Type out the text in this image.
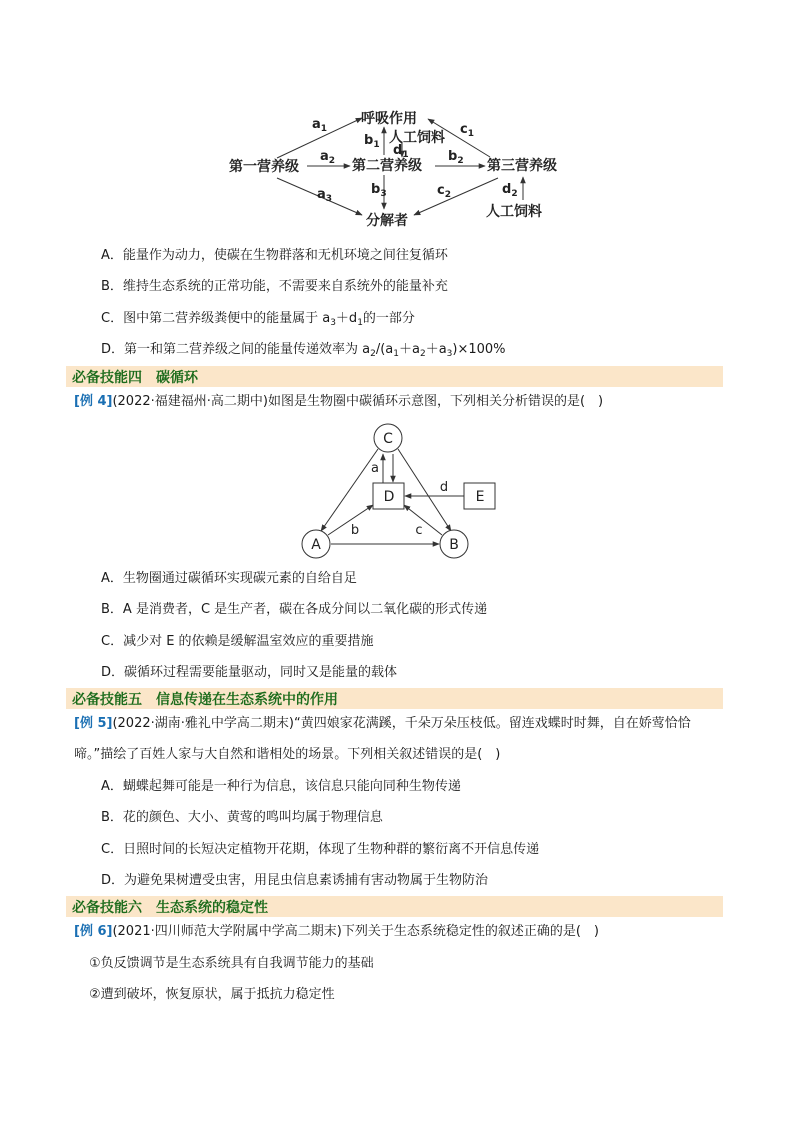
第一营养级	第二营养级	第三营养级
呼吸作用
人工饲料
人工饲料
分解者
$a_1$
$a_2$
$a_3$
$b_1$
$b_2$
$b_3$
$c_1$
$c_2$
$d_1$
$d_2$
A．能量作为动力，使碳在生物群落和无机环境之间往复循环
B．维持生态系统的正常功能，不需要来自系统外的能量补充
C．图中第二营养级粪便中的能量属于 $a_3+d_1$的一部分
D．第一和第二营养级之间的能量传递效率为 $a_2/(a_1+a_2+a_3)\times 100\%$
必备技能四　碳循环
[例 4](2022·福建福州·高二期中)如图是生物圈中碳循环示意图，下列相关分析错误的是(　)
C
A	B
D	E
a
b	c
d
A．生物圈通过碳循环实现碳元素的自给自足
B．A 是消费者，C 是生产者，碳在各成分间以二氧化碳的形式传递
C．减少对 E 的依赖是缓解温室效应的重要措施
D．碳循环过程需要能量驱动，同时又是能量的载体
必备技能五　信息传递在生态系统中的作用
[例 5](2022·湖南·雅礼中学高二期末)“黄四娘家花满蹊，千朵万朵压枝低。留连戏蝶时时舞，自在娇莺恰恰
啼。”描绘了百姓人家与大自然和谐相处的场景。下列相关叙述错误的是(　)
A．蝴蝶起舞可能是一种行为信息，该信息只能向同种生物传递
B．花的颜色、大小、黄莺的鸣叫均属于物理信息
C．日照时间的长短决定植物开花期，体现了生物种群的繁衍离不开信息传递
D．为避免果树遭受虫害，用昆虫信息素诱捕有害动物属于生物防治
必备技能六　生态系统的稳定性
[例 6](2021·四川师范大学附属中学高二期末)下列关于生态系统稳定性的叙述正确的是(　)
①负反馈调节是生态系统具有自我调节能力的基础
②遭到破坏，恢复原状，属于抵抗力稳定性
